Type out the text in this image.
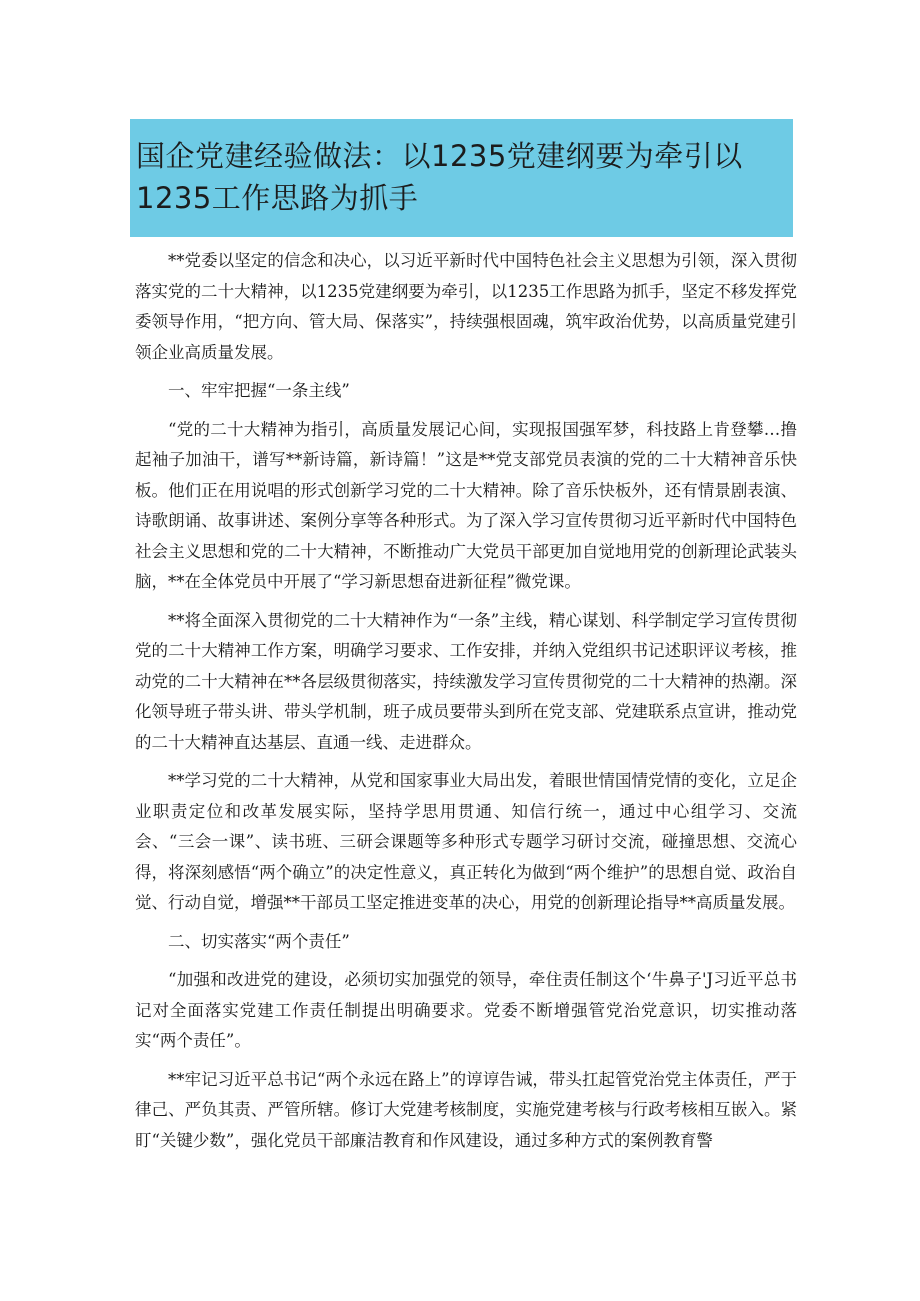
国企党建经验做法：以1235党建纲要为牵引以1235工作思路为抓手

**党委以坚定的信念和决心，以习近平新时代中国特色社会主义思想为引领，深入贯彻落实党的二十大精神，以1235党建纲要为牵引，以1235工作思路为抓手，坚定不移发挥党委领导作用，“把方向、管大局、保落实”，持续强根固魂，筑牢政治优势，以高质量党建引领企业高质量发展。

一、牢牢把握“一条主线”

“党的二十大精神为指引，高质量发展记心间，实现报国强军梦，科技路上肯登攀…撸起袖子加油干，谱写**新诗篇，新诗篇！”这是**党支部党员表演的党的二十大精神音乐快板。他们正在用说唱的形式创新学习党的二十大精神。除了音乐快板外，还有情景剧表演、诗歌朗诵、故事讲述、案例分享等各种形式。为了深入学习宣传贯彻习近平新时代中国特色社会主义思想和党的二十大精神，不断推动广大党员干部更加自觉地用党的创新理论武装头脑，**在全体党员中开展了“学习新思想奋进新征程”微党课。

**将全面深入贯彻党的二十大精神作为“一条”主线，精心谋划、科学制定学习宣传贯彻党的二十大精神工作方案，明确学习要求、工作安排，并纳入党组织书记述职评议考核，推动党的二十大精神在**各层级贯彻落实，持续激发学习宣传贯彻党的二十大精神的热潮。深化领导班子带头讲、带头学机制，班子成员要带头到所在党支部、党建联系点宣讲，推动党的二十大精神直达基层、直通一线、走进群众。

**学习党的二十大精神，从党和国家事业大局出发，着眼世情国情党情的变化，立足企业职责定位和改革发展实际，坚持学思用贯通、知信行统一，通过中心组学习、交流会、“三会一课”、读书班、三研会课题等多种形式专题学习研讨交流，碰撞思想、交流心得，将深刻感悟“两个确立”的决定性意义，真正转化为做到“两个维护”的思想自觉、政治自觉、行动自觉，增强**干部员工坚定推进变革的决心，用党的创新理论指导**高质量发展。

二、切实落实“两个责任”

“加强和改进党的建设，必须切实加强党的领导，牵住责任制这个‘牛鼻子'J习近平总书记对全面落实党建工作责任制提出明确要求。党委不断增强管党治党意识，切实推动落实“两个责任”。

**牢记习近平总书记“两个永远在路上”的谆谆告诫，带头扛起管党治党主体责任，严于律己、严负其责、严管所辖。修订大党建考核制度，实施党建考核与行政考核相互嵌入。紧盯“关键少数”，强化党员干部廉洁教育和作风建设，通过多种方式的案例教育警
